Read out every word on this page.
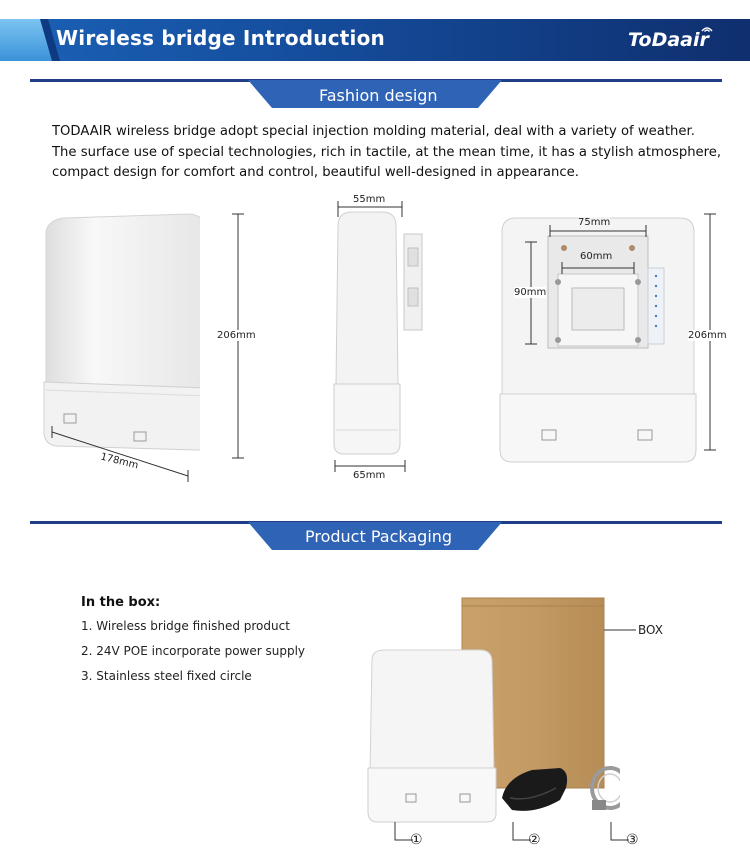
Wireless bridge Introduction	ToDaair
Fashion design
TODAAIR wireless bridge adopt special injection molding material, deal with a variety of weather.
The surface use of special technologies, rich in tactile, at the mean time, it has a stylish atmosphere,
compact design for comfort and control, beautiful well-designed in appearance.
206mm
178mm
55mm
65mm
75mm
60mm
90mm
206mm
Product Packaging
In the box:
1. Wireless bridge finished product
2. 24V POE incorporate power supply
3. Stainless steel fixed circle
BOX
①	②	③
